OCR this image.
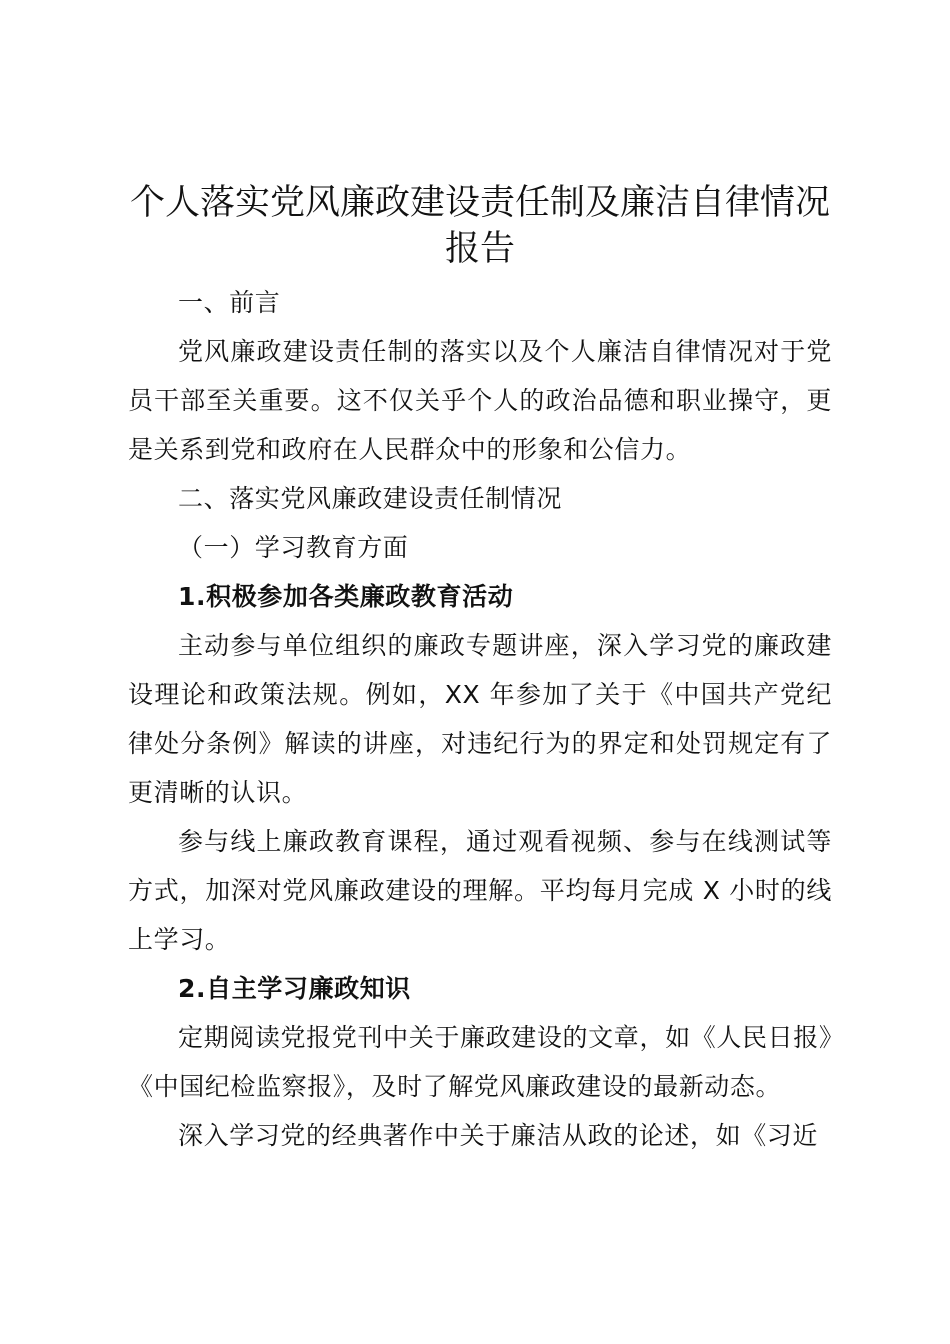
个人落实党风廉政建设责任制及廉洁自律情况报告

一、前言

党风廉政建设责任制的落实以及个人廉洁自律情况对于党员干部至关重要。这不仅关乎个人的政治品德和职业操守，更是关系到党和政府在人民群众中的形象和公信力。

二、落实党风廉政建设责任制情况

（一）学习教育方面

1.积极参加各类廉政教育活动

主动参与单位组织的廉政专题讲座，深入学习党的廉政建设理论和政策法规。例如，XX 年参加了关于《中国共产党纪律处分条例》解读的讲座，对违纪行为的界定和处罚规定有了更清晰的认识。

参与线上廉政教育课程，通过观看视频、参与在线测试等方式，加深对党风廉政建设的理解。平均每月完成 X 小时的线上学习。

2.自主学习廉政知识

定期阅读党报党刊中关于廉政建设的文章，如《人民日报》《中国纪检监察报》，及时了解党风廉政建设的最新动态。

深入学习党的经典著作中关于廉洁从政的论述，如《习近
